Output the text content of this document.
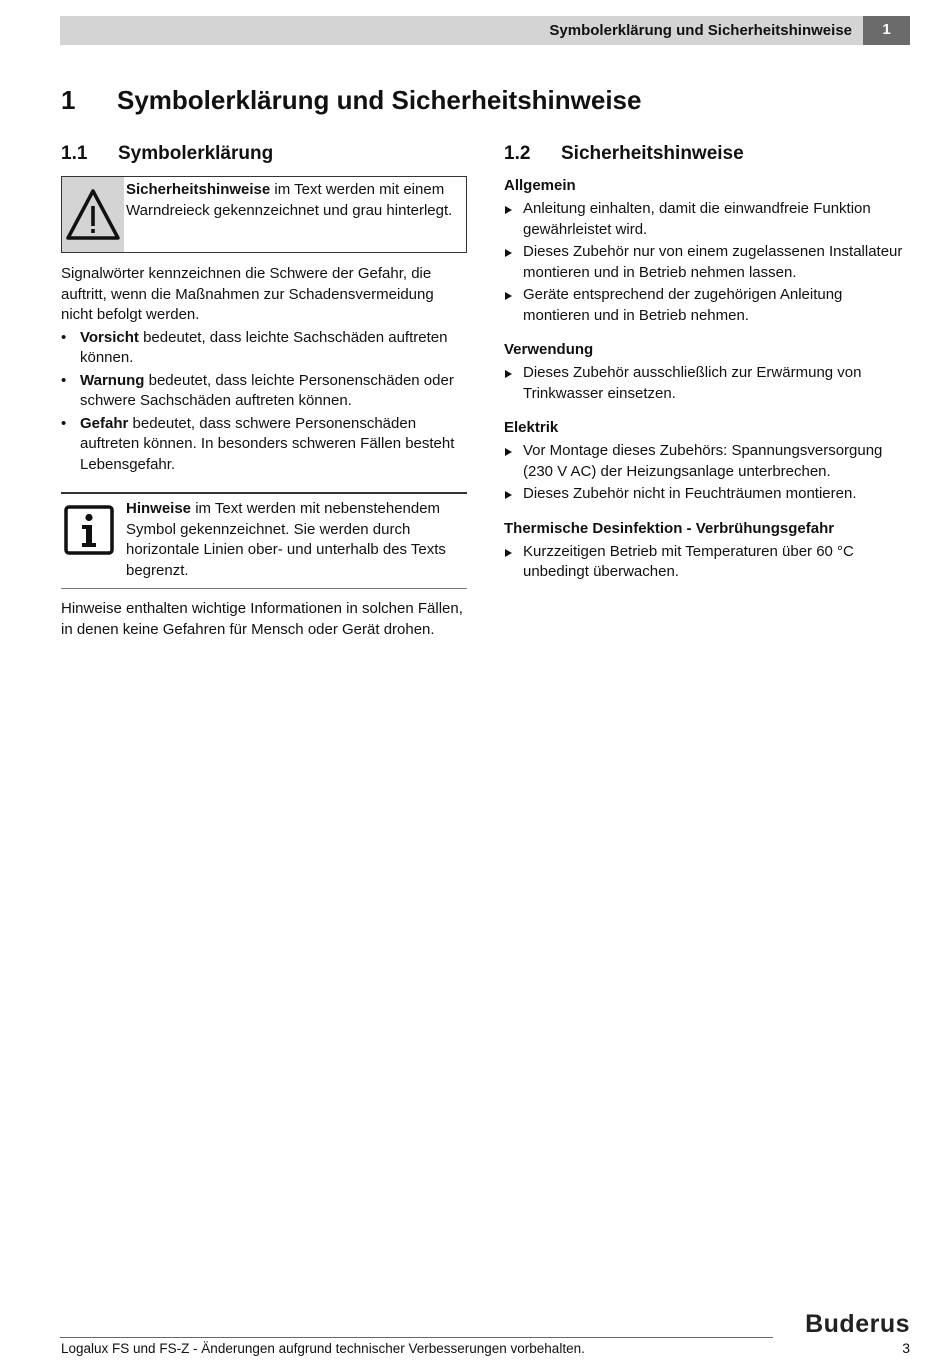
Symbolerklärung und Sicherheitshinweise	1
1 Symbolerklärung und Sicherheitshinweise
1.1 Symbolerklärung
Sicherheitshinweise im Text werden mit einem Warndreieck gekennzeichnet und grau hinterlegt.

Signalwörter kennzeichnen die Schwere der Gefahr, die auftritt, wenn die Maßnahmen zur Schadensvermeidung nicht befolgt werden.

• Vorsicht bedeutet, dass leichte Sachschäden auftreten können.
• Warnung bedeutet, dass leichte Personenschäden oder schwere Sachschäden auftreten können.
• Gefahr bedeutet, dass schwere Personenschäden auftreten können. In besonders schweren Fällen besteht Lebensgefahr.
Hinweise im Text werden mit nebenstehendem Symbol gekennzeichnet. Sie werden durch horizontale Linien ober- und unterhalb des Texts begrenzt.

Hinweise enthalten wichtige Informationen in solchen Fällen, in denen keine Gefahren für Mensch oder Gerät drohen.

1.2 Sicherheitshinweise
Allgemein
Anleitung einhalten, damit die einwandfreie Funktion gewährleistet wird.
Dieses Zubehör nur von einem zugelassenen Installateur montieren und in Betrieb nehmen lassen.
Geräte entsprechend der zugehörigen Anleitung montieren und in Betrieb nehmen.
Verwendung
Dieses Zubehör ausschließlich zur Erwärmung von Trinkwasser einsetzen.
Elektrik
Vor Montage dieses Zubehörs: Spannungsversorgung (230 V AC) der Heizungsanlage unterbrechen.
Dieses Zubehör nicht in Feuchträumen montieren.
Thermische Desinfektion - Verbrühungsgefahr
Kurzzeitigen Betrieb mit Temperaturen über 60 °C unbedingt überwachen.
Buderus
Logalux FS und FS-Z - Änderungen aufgrund technischer Verbesserungen vorbehalten.	3
